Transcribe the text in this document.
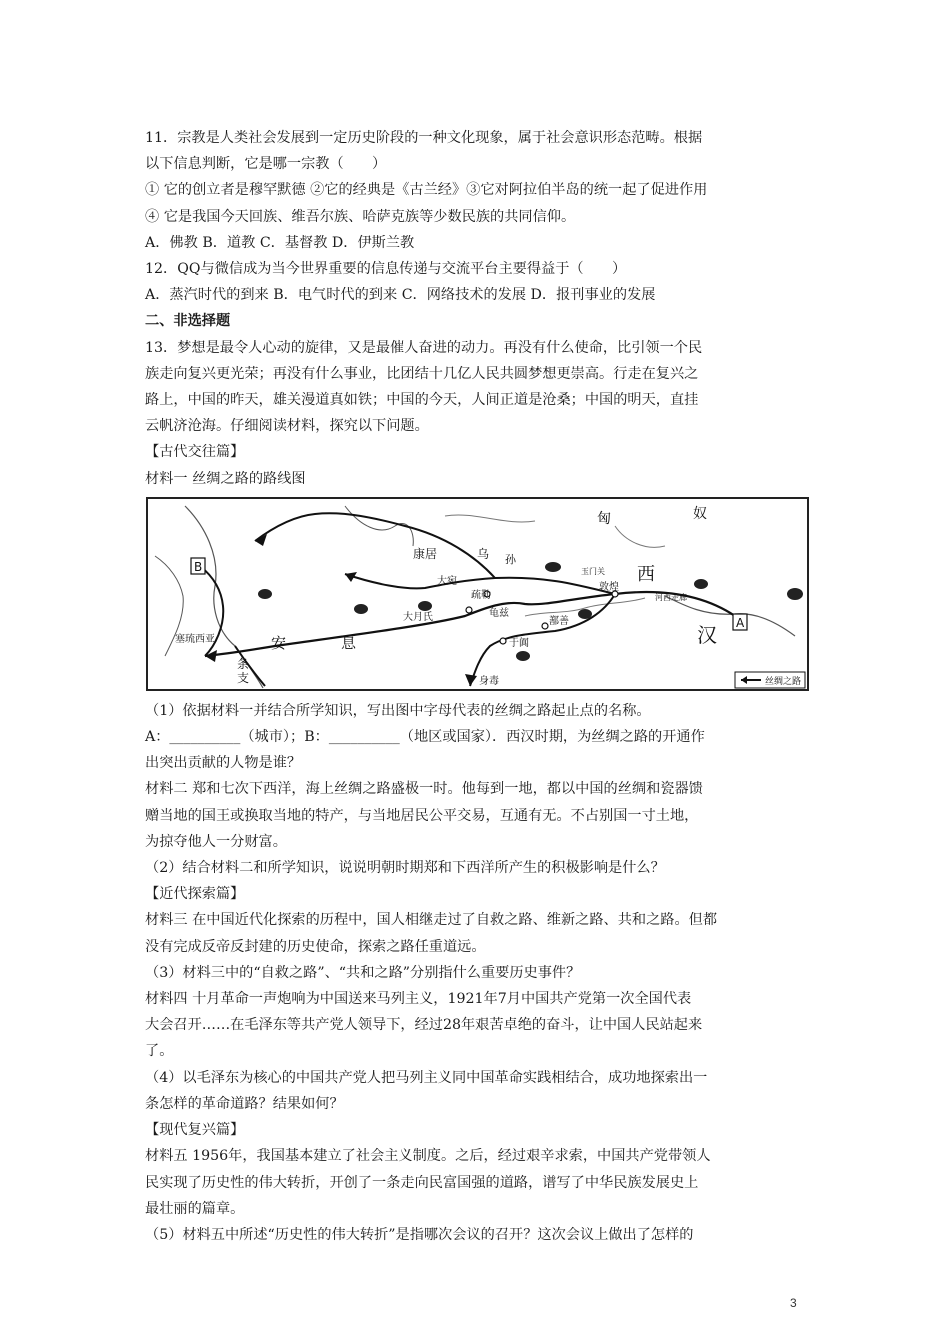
11．宗教是人类社会发展到一定历史阶段的一种文化现象，属于社会意识形态范畴。根据

以下信息判断，它是哪一宗教（　　）

① 它的创立者是穆罕默德 ②它的经典是《古兰经》③它对阿拉伯半岛的统一起了促进作用

④ 它是我国今天回族、维吾尔族、哈萨克族等少数民族的共同信仰。

A．佛教 B．道教 C．基督教 D．伊斯兰教

12．QQ与微信成为当今世界重要的信息传递与交流平台主要得益于（　　）

A．蒸汽时代的到来 B．电气时代的到来 C．网络技术的发展 D．报刊事业的发展

二、非选择题

13．梦想是最令人心动的旋律，又是最催人奋进的动力。再没有什么使命，比引领一个民

族走向复兴更光荣；再没有什么事业，比团结十几亿人民共圆梦想更崇高。行走在复兴之

路上，中国的昨天，雄关漫道真如铁；中国的今天，人间正道是沧桑；中国的明天，直挂

云帆济沧海。仔细阅读材料，探究以下问题。

【古代交往篇】

材料一 丝绸之路的路线图

匈	奴
康居	乌 孙
西
汉
安	息
大宛
疏勒
大月氏	龟兹
敦煌
玉门关
河西走廊
鄯善
于阗
身毒
塞琉西亚
条
支
B
A
丝绸之路

（1）依据材料一并结合所学知识，写出图中字母代表的丝绸之路起止点的名称。

A：__________（城市）；B：__________（地区或国家）．西汉时期，为丝绸之路的开通作

出突出贡献的人物是谁？

材料二 郑和七次下西洋，海上丝绸之路盛极一时。他每到一地，都以中国的丝绸和瓷器馈

赠当地的国王或换取当地的特产，与当地居民公平交易，互通有无。不占别国一寸土地，

为掠夺他人一分财富。

（2）结合材料二和所学知识，说说明朝时期郑和下西洋所产生的积极影响是什么？

【近代探索篇】

材料三 在中国近代化探索的历程中，国人相继走过了自救之路、维新之路、共和之路。但都

没有完成反帝反封建的历史使命，探索之路任重道远。

（3）材料三中的“自救之路”、“共和之路”分别指什么重要历史事件？

材料四 十月革命一声炮响为中国送来马列主义，1921年7月中国共产党第一次全国代表

大会召开……在毛泽东等共产党人领导下，经过28年艰苦卓绝的奋斗，让中国人民站起来

了。

（4）以毛泽东为核心的中国共产党人把马列主义同中国革命实践相结合，成功地探索出一

条怎样的革命道路？结果如何？

【现代复兴篇】

材料五 1956年，我国基本建立了社会主义制度。之后，经过艰辛求索，中国共产党带领人

民实现了历史性的伟大转折，开创了一条走向民富国强的道路，谱写了中华民族发展史上

最壮丽的篇章。

（5）材料五中所述“历史性的伟大转折”是指哪次会议的召开？这次会议上做出了怎样的

3
